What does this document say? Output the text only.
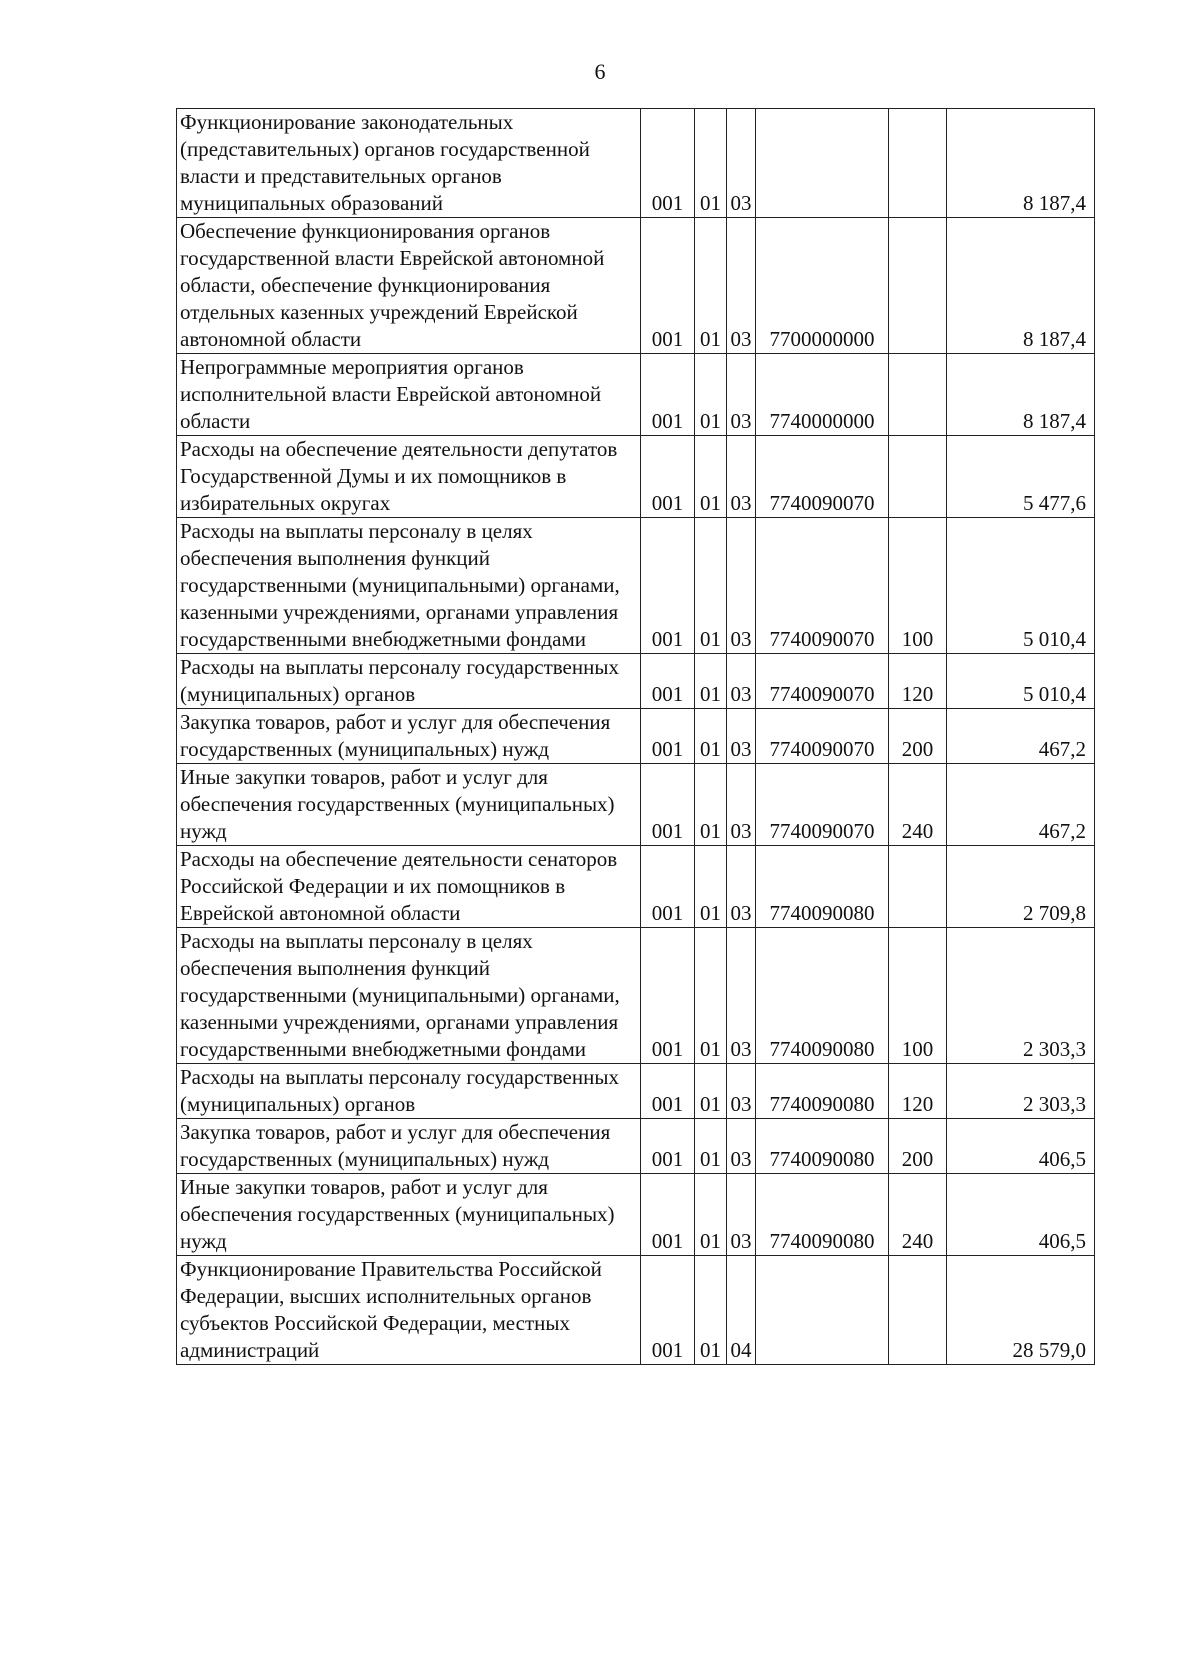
6
Функционирование законодательных (представительных) органов государственной власти и представительных органов муниципальных образований	001	01	03			8 187,4
Обеспечение функционирования органов государственной власти Еврейской автономной области, обеспечение функционирования отдельных казенных учреждений Еврейской автономной области	001	01	03	7700000000		8 187,4
Непрограммные мероприятия органов исполнительной власти Еврейской автономной области	001	01	03	7740000000		8 187,4
Расходы на обеспечение деятельности депутатов Государственной Думы и их помощников в избирательных округах	001	01	03	7740090070		5 477,6
Расходы на выплаты персоналу в целях обеспечения выполнения функций государственными (муниципальными) органами, казенными учреждениями, органами управления государственными внебюджетными фондами	001	01	03	7740090070	100	5 010,4
Расходы на выплаты персоналу государственных (муниципальных) органов	001	01	03	7740090070	120	5 010,4
Закупка товаров, работ и услуг для обеспечения государственных (муниципальных) нужд	001	01	03	7740090070	200	467,2
Иные закупки товаров, работ и услуг для обеспечения государственных (муниципальных) нужд	001	01	03	7740090070	240	467,2
Расходы на обеспечение деятельности сенаторов Российской Федерации и их помощников в Еврейской автономной области	001	01	03	7740090080		2 709,8
Расходы на выплаты персоналу в целях обеспечения выполнения функций государственными (муниципальными) органами, казенными учреждениями, органами управления государственными внебюджетными фондами	001	01	03	7740090080	100	2 303,3
Расходы на выплаты персоналу государственных (муниципальных) органов	001	01	03	7740090080	120	2 303,3
Закупка товаров, работ и услуг для обеспечения государственных (муниципальных) нужд	001	01	03	7740090080	200	406,5
Иные закупки товаров, работ и услуг для обеспечения государственных (муниципальных) нужд	001	01	03	7740090080	240	406,5
Функционирование Правительства Российской Федерации, высших исполнительных органов субъектов Российской Федерации, местных администраций	001	01	04			28 579,0
